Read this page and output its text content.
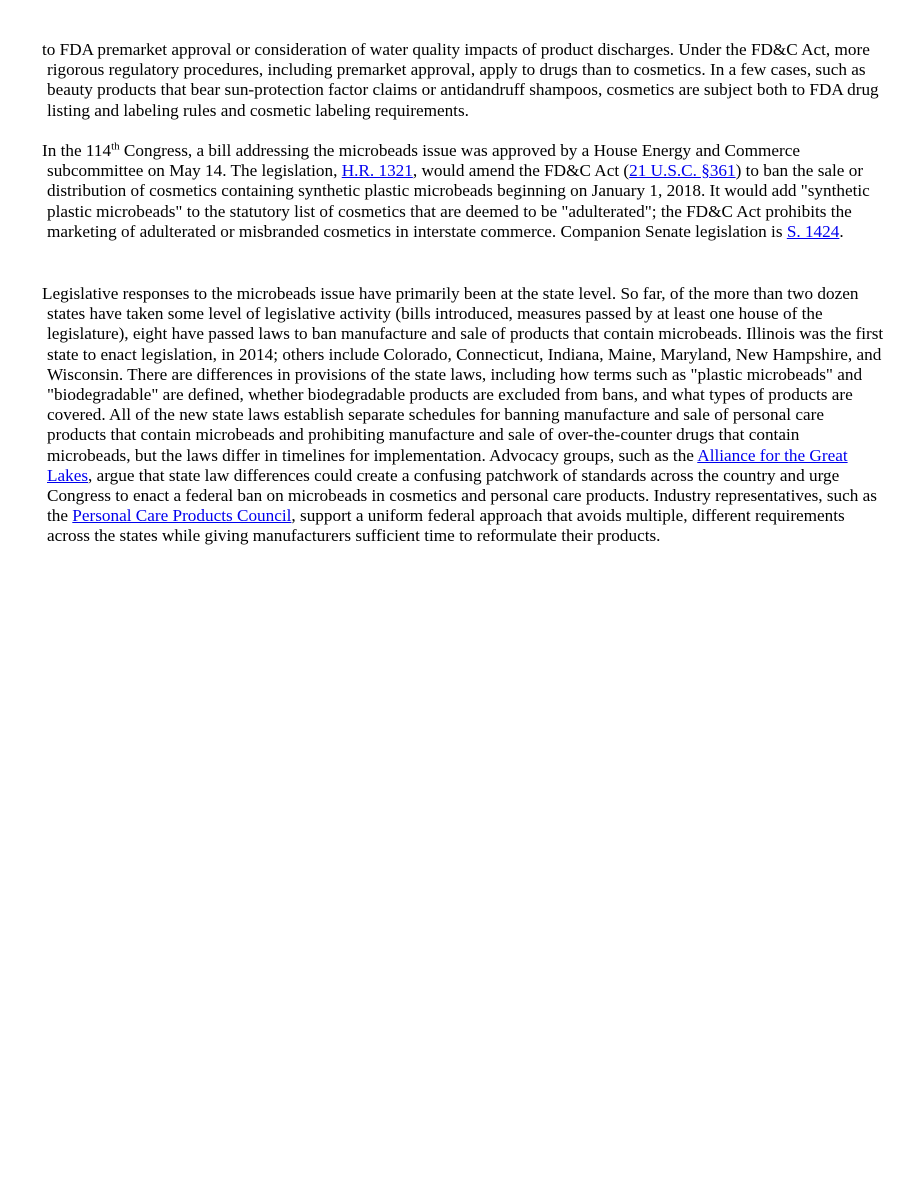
to FDA premarket approval or consideration of water quality impacts of product discharges. Under the FD&C Act, more rigorous regulatory procedures, including premarket approval, apply to drugs than to cosmetics. In a few cases, such as beauty products that bear sun-protection factor claims or antidandruff shampoos, cosmetics are subject both to FDA drug listing and labeling rules and cosmetic labeling requirements.

In the 114th Congress, a bill addressing the microbeads issue was approved by a House Energy and Commerce subcommittee on May 14. The legislation, H.R. 1321, would amend the FD&C Act (21 U.S.C. §361) to ban the sale or distribution of cosmetics containing synthetic plastic microbeads beginning on January 1, 2018. It would add "synthetic plastic microbeads" to the statutory list of cosmetics that are deemed to be "adulterated"; the FD&C Act prohibits the marketing of adulterated or misbranded cosmetics in interstate commerce. Companion Senate legislation is S. 1424.

Legislative responses to the microbeads issue have primarily been at the state level. So far, of the more than two dozen states have taken some level of legislative activity (bills introduced, measures passed by at least one house of the legislature), eight have passed laws to ban manufacture and sale of products that contain microbeads. Illinois was the first state to enact legislation, in 2014; others include Colorado, Connecticut, Indiana, Maine, Maryland, New Hampshire, and Wisconsin. There are differences in provisions of the state laws, including how terms such as "plastic microbeads" and "biodegradable" are defined, whether biodegradable products are excluded from bans, and what types of products are covered. All of the new state laws establish separate schedules for banning manufacture and sale of personal care products that contain microbeads and prohibiting manufacture and sale of over-the-counter drugs that contain microbeads, but the laws differ in timelines for implementation. Advocacy groups, such as the Alliance for the Great Lakes, argue that state law differences could create a confusing patchwork of standards across the country and urge Congress to enact a federal ban on microbeads in cosmetics and personal care products. Industry representatives, such as the Personal Care Products Council, support a uniform federal approach that avoids multiple, different requirements across the states while giving manufacturers sufficient time to reformulate their products.
